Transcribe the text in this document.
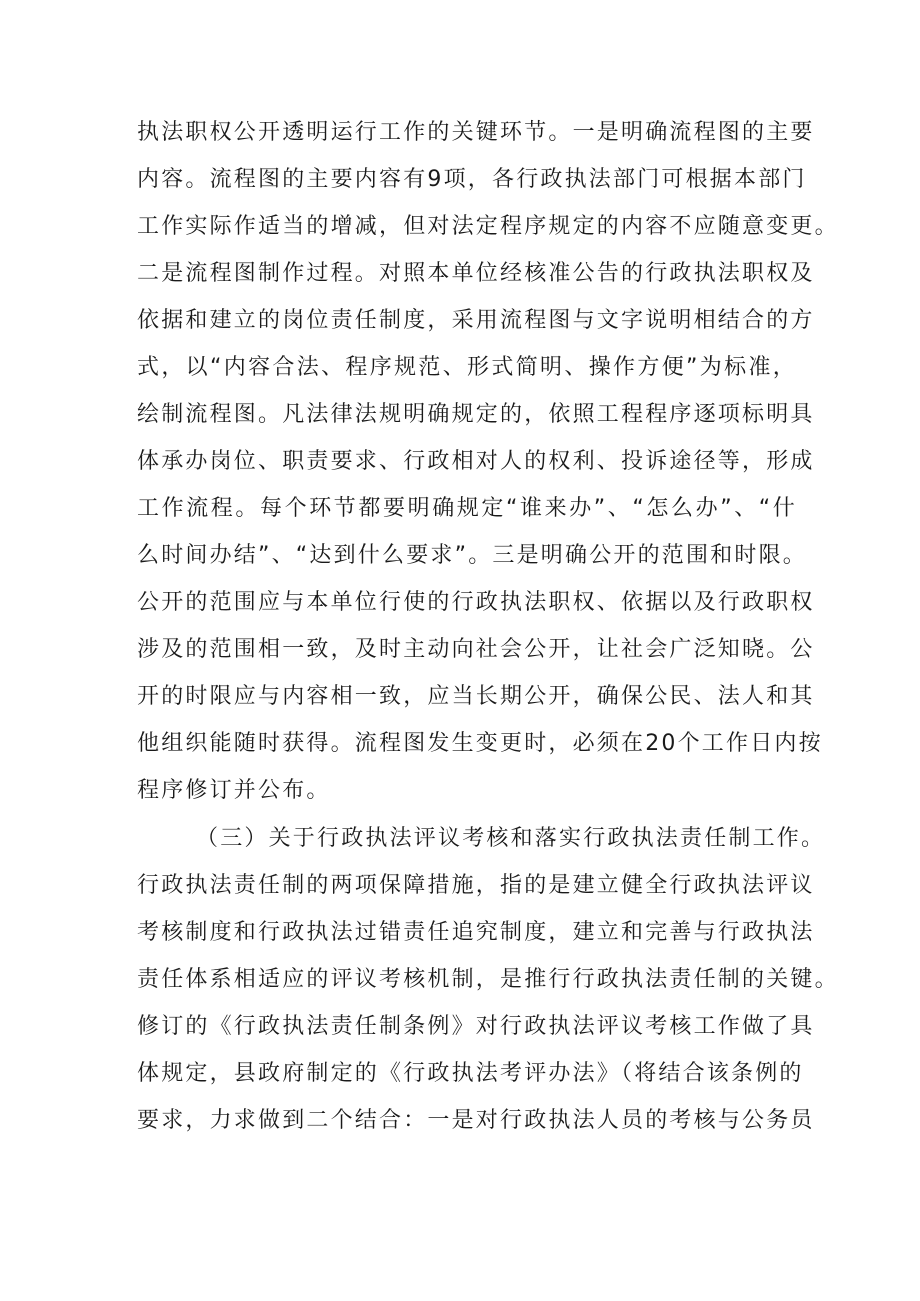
执法职权公开透明运行工作的关键环节。一是明确流程图的主要
内容。流程图的主要内容有9项，各行政执法部门可根据本部门
工作实际作适当的增减，但对法定程序规定的内容不应随意变更。
二是流程图制作过程。对照本单位经核准公告的行政执法职权及
依据和建立的岗位责任制度，采用流程图与文字说明相结合的方
式，以“内容合法、程序规范、形式简明、操作方便”为标准，
绘制流程图。凡法律法规明确规定的，依照工程程序逐项标明具
体承办岗位、职责要求、行政相对人的权利、投诉途径等，形成
工作流程。每个环节都要明确规定“谁来办”、“怎么办”、“什
么时间办结”、“达到什么要求”。三是明确公开的范围和时限。
公开的范围应与本单位行使的行政执法职权、依据以及行政职权
涉及的范围相一致，及时主动向社会公开，让社会广泛知晓。公
开的时限应与内容相一致，应当长期公开，确保公民、法人和其
他组织能随时获得。流程图发生变更时，必须在20个工作日内按
程序修订并公布。
（三）关于行政执法评议考核和落实行政执法责任制工作。
行政执法责任制的两项保障措施，指的是建立健全行政执法评议
考核制度和行政执法过错责任追究制度，建立和完善与行政执法
责任体系相适应的评议考核机制，是推行行政执法责任制的关键。
修订的《行政执法责任制条例》对行政执法评议考核工作做了具
体规定，县政府制定的《行政执法考评办法》（将结合该条例的
要求，力求做到二个结合：一是对行政执法人员的考核与公务员
